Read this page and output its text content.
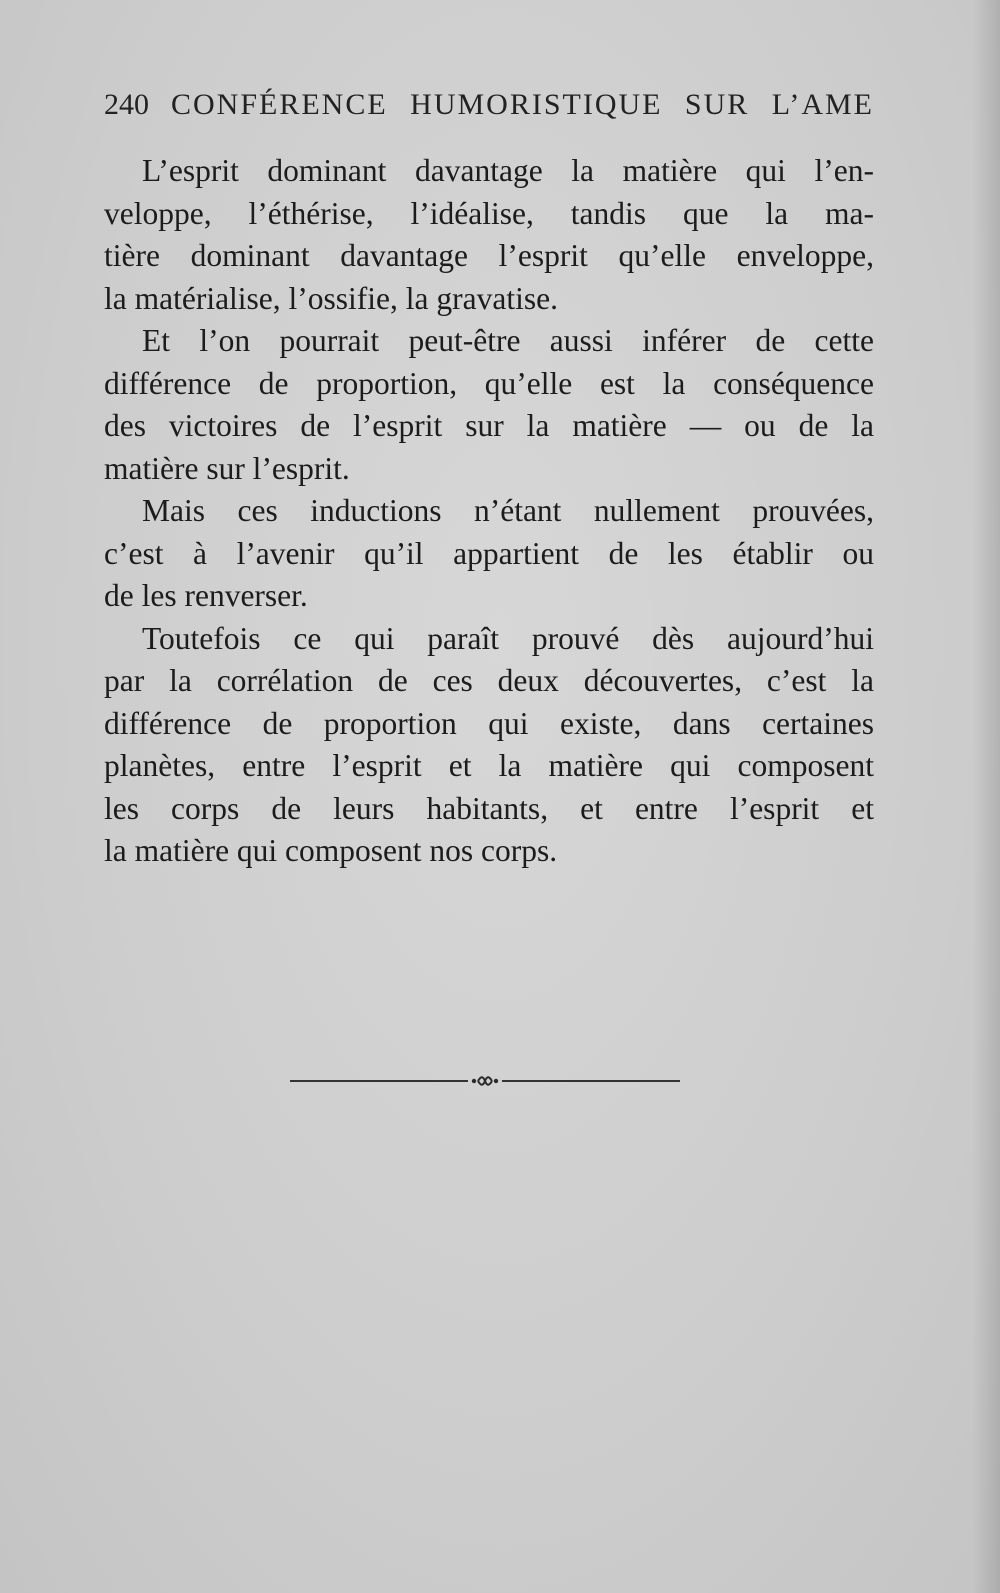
240 CONFÉRENCE HUMORISTIQUE SUR L’AME

L’esprit dominant davantage la matière qui l’en-
veloppe, l’éthérise, l’idéalise, tandis que la ma-
tière dominant davantage l’esprit qu’elle enveloppe,
la matérialise, l’ossifie, la gravatise.

Et l’on pourrait peut-être aussi inférer de cette
différence de proportion, qu’elle est la conséquence
des victoires de l’esprit sur la matière — ou de la
matière sur l’esprit.

Mais ces inductions n’étant nullement prouvées,
c’est à l’avenir qu’il appartient de les établir ou
de les renverser.

Toutefois ce qui paraît prouvé dès aujourd’hui
par la corrélation de ces deux découvertes, c’est la
différence de proportion qui existe, dans certaines
planètes, entre l’esprit et la matière qui composent
les corps de leurs habitants, et entre l’esprit et
la matière qui composent nos corps.
